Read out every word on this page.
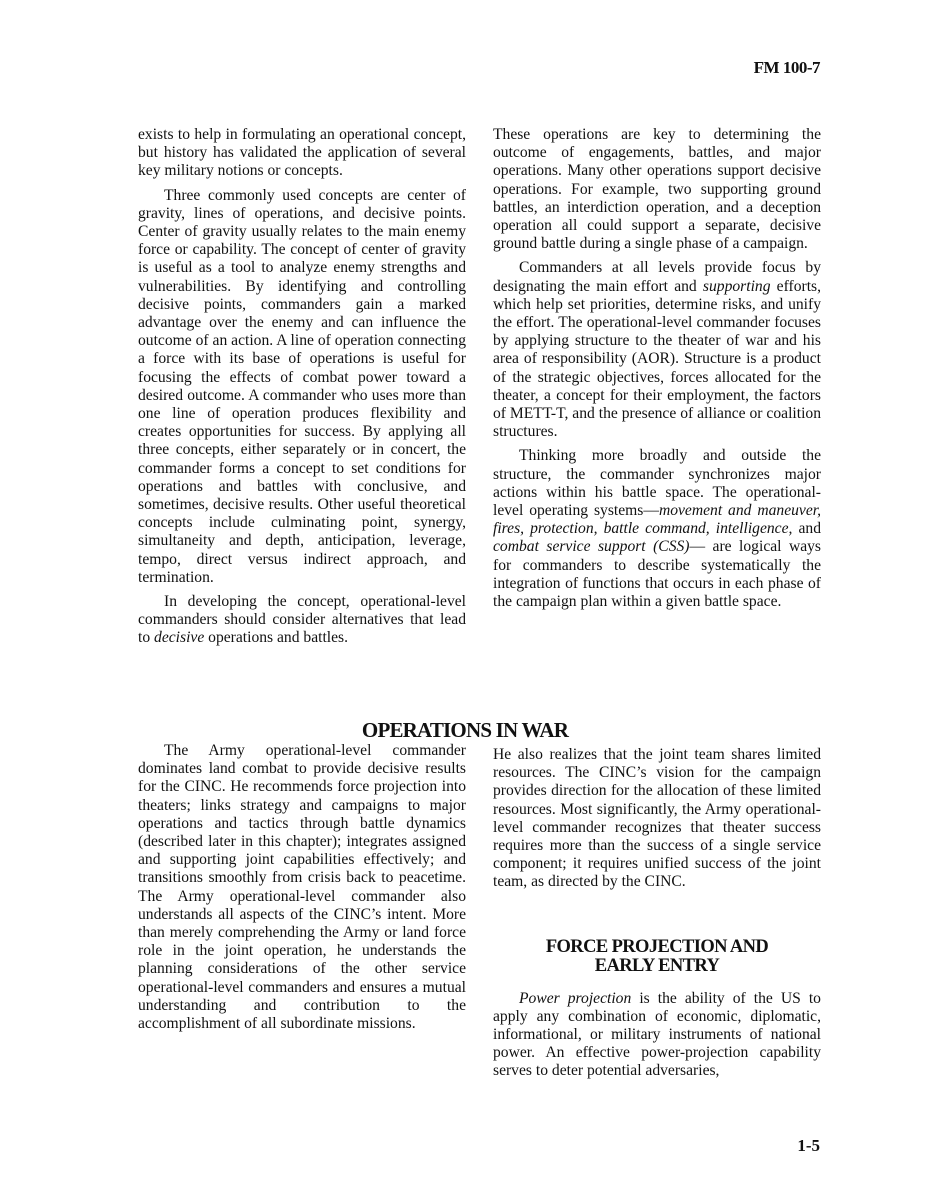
FM 100-7

exists to help in formulating an operational concept, but history has validated the application of several key military notions or concepts.

Three commonly used concepts are center of gravity, lines of operations, and decisive points. Center of gravity usually relates to the main enemy force or capability. The concept of center of gravity is useful as a tool to analyze enemy strengths and vulnerabilities. By identifying and controlling decisive points, commanders gain a marked advantage over the enemy and can influence the outcome of an action. A line of operation connecting a force with its base of operations is useful for focusing the effects of combat power toward a desired outcome. A commander who uses more than one line of operation produces flexibility and creates opportunities for success. By applying all three concepts, either separately or in concert, the commander forms a concept to set conditions for operations and battles with conclusive, and sometimes, decisive results. Other useful theoretical concepts include culminating point, synergy, simultaneity and depth, anticipation, leverage, tempo, direct versus indirect approach, and termination.

In developing the concept, operational-level commanders should consider alternatives that lead to decisive operations and battles.

These operations are key to determining the outcome of engagements, battles, and major operations. Many other operations support decisive operations. For example, two supporting ground battles, an interdiction operation, and a deception operation all could support a separate, decisive ground battle during a single phase of a campaign.

Commanders at all levels provide focus by designating the main effort and supporting efforts, which help set priorities, determine risks, and unify the effort. The operational-level commander focuses by applying structure to the theater of war and his area of responsibility (AOR). Structure is a product of the strategic objectives, forces allocated for the theater, a concept for their employment, the factors of METT-T, and the presence of alliance or coalition structures.

Thinking more broadly and outside the structure, the commander synchronizes major actions within his battle space. The operational-level operating systems—movement and maneuver, fires, protection, battle command, intelligence, and combat service support (CSS)— are logical ways for commanders to describe systematically the integration of functions that occurs in each phase of the campaign plan within a given battle space.

OPERATIONS IN WAR

The Army operational-level commander dominates land combat to provide decisive results for the CINC. He recommends force projection into theaters; links strategy and campaigns to major operations and tactics through battle dynamics (described later in this chapter); integrates assigned and supporting joint capabilities effectively; and transitions smoothly from crisis back to peacetime. The Army operational-level commander also understands all aspects of the CINC’s intent. More than merely comprehending the Army or land force role in the joint operation, he understands the planning considerations of the other service operational-level commanders and ensures a mutual understanding and contribution to the accomplishment of all subordinate missions.

He also realizes that the joint team shares limited resources. The CINC’s vision for the campaign provides direction for the allocation of these limited resources. Most significantly, the Army operational-level commander recognizes that theater success requires more than the success of a single service component; it requires unified success of the joint team, as directed by the CINC.

FORCE PROJECTION AND
EARLY ENTRY

Power projection is the ability of the US to apply any combination of economic, diplomatic, informational, or military instruments of national power. An effective power-projection capability serves to deter potential adversaries,

1-5
